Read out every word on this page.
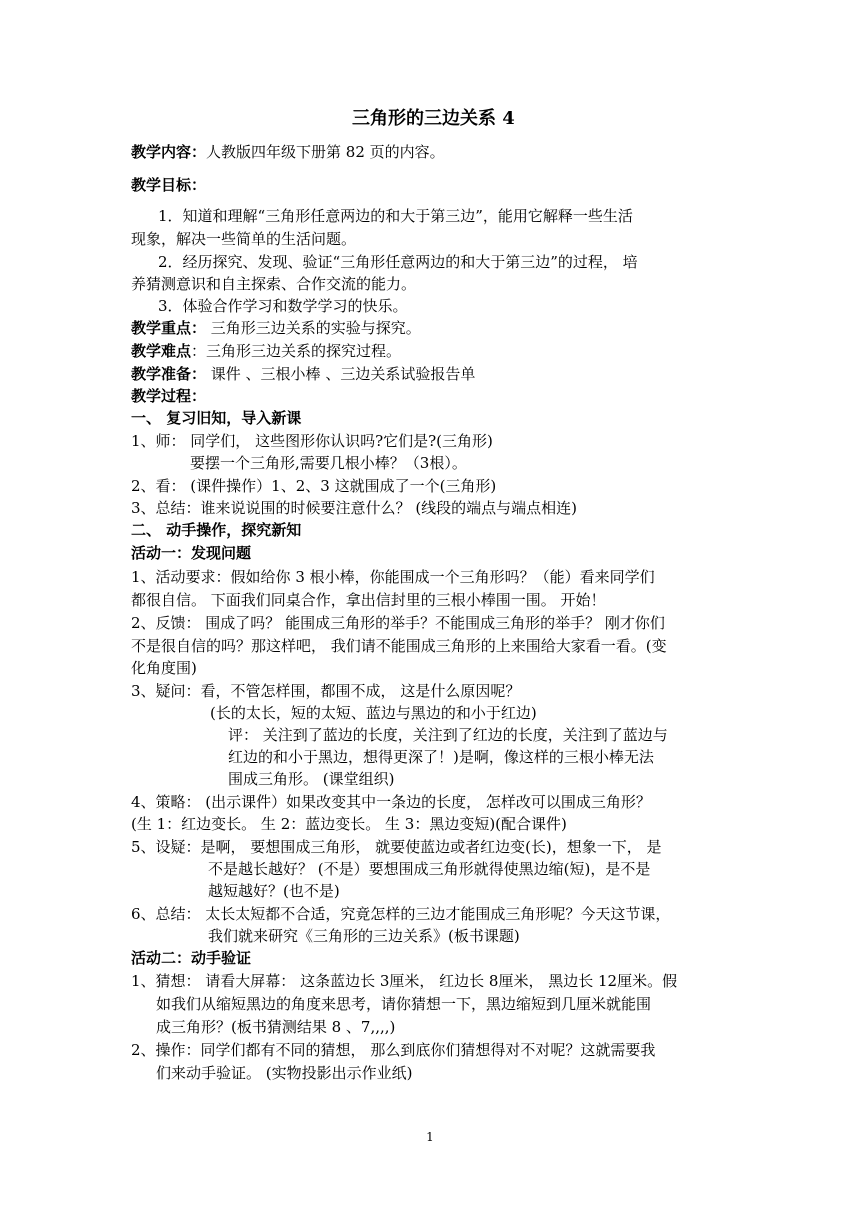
三角形的三边关系 4
教学内容：人教版四年级下册第 82 页的内容。
教学目标：
1．知道和理解“三角形任意两边的和大于第三边”，能用它解释一些生活
现象，解决一些简单的生活问题。
2．经历探究、发现、验证“三角形任意两边的和大于第三边”的过程， 培
养猜测意识和自主探索、合作交流的能力。
3．体验合作学习和数学学习的快乐。
教学重点： 三角形三边关系的实验与探究。
教学难点：三角形三边关系的探究过程。
教学准备： 课件 、三根小棒 、三边关系试验报告单
教学过程：
一、 复习旧知，导入新课
1、师： 同学们， 这些图形你认识吗?它们是?(三角形)
要摆一个三角形,需要几根小棒？（3根）。
2、看： (课件操作）1、2、3 这就围成了一个(三角形)
3、总结：谁来说说围的时候要注意什么？ (线段的端点与端点相连)
二、 动手操作，探究新知
活动一：发现问题
1、活动要求：假如给你 3 根小棒，你能围成一个三角形吗？（能）看来同学们
都很自信。 下面我们同桌合作，拿出信封里的三根小棒围一围。 开始！
2、反馈： 围成了吗？ 能围成三角形的举手？不能围成三角形的举手？ 刚才你们
不是很自信的吗？那这样吧， 我们请不能围成三角形的上来围给大家看一看。(变
化角度围)
3、疑问：看，不管怎样围，都围不成， 这是什么原因呢？
(长的太长，短的太短、蓝边与黑边的和小于红边)
评： 关注到了蓝边的长度，关注到了红边的长度，关注到了蓝边与
红边的和小于黑边，想得更深了！)是啊，像这样的三根小棒无法
围成三角形。 (课堂组织)
4、策略： (出示课件）如果改变其中一条边的长度， 怎样改可以围成三角形？
(生 1：红边变长。 生 2：蓝边变长。 生 3：黑边变短)(配合课件)
5、设疑：是啊， 要想围成三角形， 就要使蓝边或者红边变(长)，想象一下， 是
不是越长越好？ (不是）要想围成三角形就得使黑边缩(短)，是不是
越短越好？(也不是)
6、总结： 太长太短都不合适，究竟怎样的三边才能围成三角形呢？今天这节课，
我们就来研究《三角形的三边关系》(板书课题)
活动二：动手验证
1、猜想： 请看大屏幕： 这条蓝边长 3厘米， 红边长 8厘米， 黑边长 12厘米。假
如我们从缩短黑边的角度来思考，请你猜想一下，黑边缩短到几厘米就能围
成三角形？(板书猜测结果 8 、7,,,,)
2、操作：同学们都有不同的猜想， 那么到底你们猜想得对不对呢？这就需要我
们来动手验证。 (实物投影出示作业纸)
1
